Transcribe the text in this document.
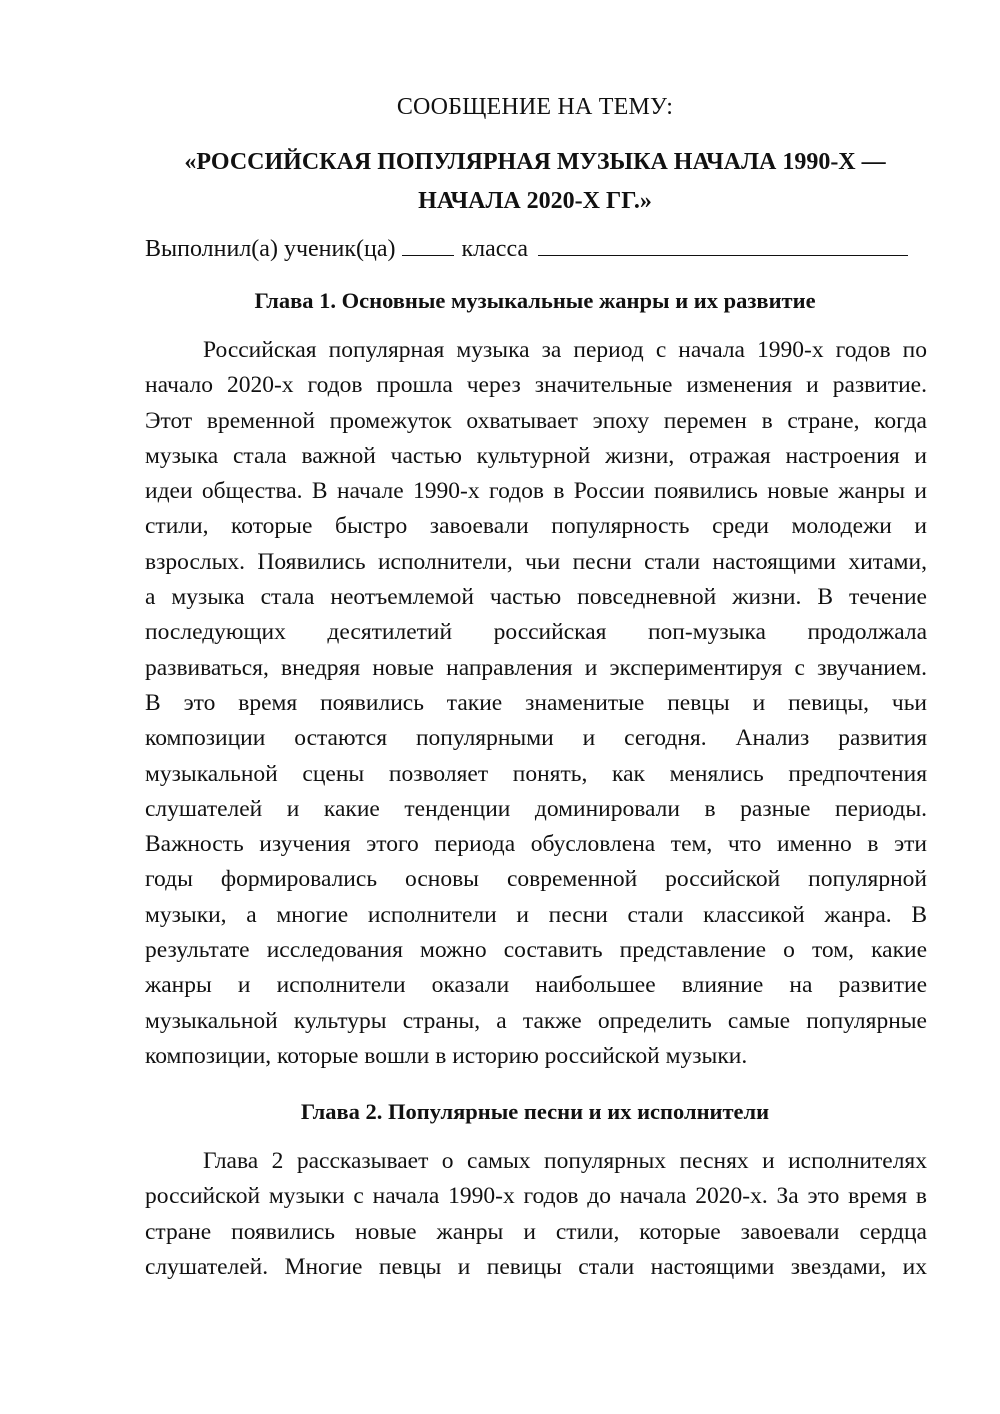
СООБЩЕНИЕ НА ТЕМУ:
«РОССИЙСКАЯ ПОПУЛЯРНАЯ МУЗЫКА НАЧАЛА 1990-Х —
НАЧАЛА 2020-Х ГГ.»
Выполнил(а) ученик(ца)	класса
Глава 1. Основные музыкальные жанры и их развитие
Российская популярная музыка за период с начала 1990-х годов по
начало 2020-х годов прошла через значительные изменения и развитие.
Этот временной промежуток охватывает эпоху перемен в стране, когда
музыка стала важной частью культурной жизни, отражая настроения и
идеи общества. В начале 1990-х годов в России появились новые жанры и
стили, которые быстро завоевали популярность среди молодежи и
взрослых. Появились исполнители, чьи песни стали настоящими хитами,
а музыка стала неотъемлемой частью повседневной жизни. В течение
последующих десятилетий российская поп-музыка продолжала
развиваться, внедряя новые направления и экспериментируя с звучанием.
В это время появились такие знаменитые певцы и певицы, чьи
композиции остаются популярными и сегодня. Анализ развития
музыкальной сцены позволяет понять, как менялись предпочтения
слушателей и какие тенденции доминировали в разные периоды.
Важность изучения этого периода обусловлена тем, что именно в эти
годы формировались основы современной российской популярной
музыки, а многие исполнители и песни стали классикой жанра. В
результате исследования можно составить представление о том, какие
жанры и исполнители оказали наибольшее влияние на развитие
музыкальной культуры страны, а также определить самые популярные
композиции, которые вошли в историю российской музыки.
Глава 2. Популярные песни и их исполнители
Глава 2 рассказывает о самых популярных песнях и исполнителях
российской музыки с начала 1990-х годов до начала 2020-х. За это время в
стране появились новые жанры и стили, которые завоевали сердца
слушателей. Многие певцы и певицы стали настоящими звездами, их
